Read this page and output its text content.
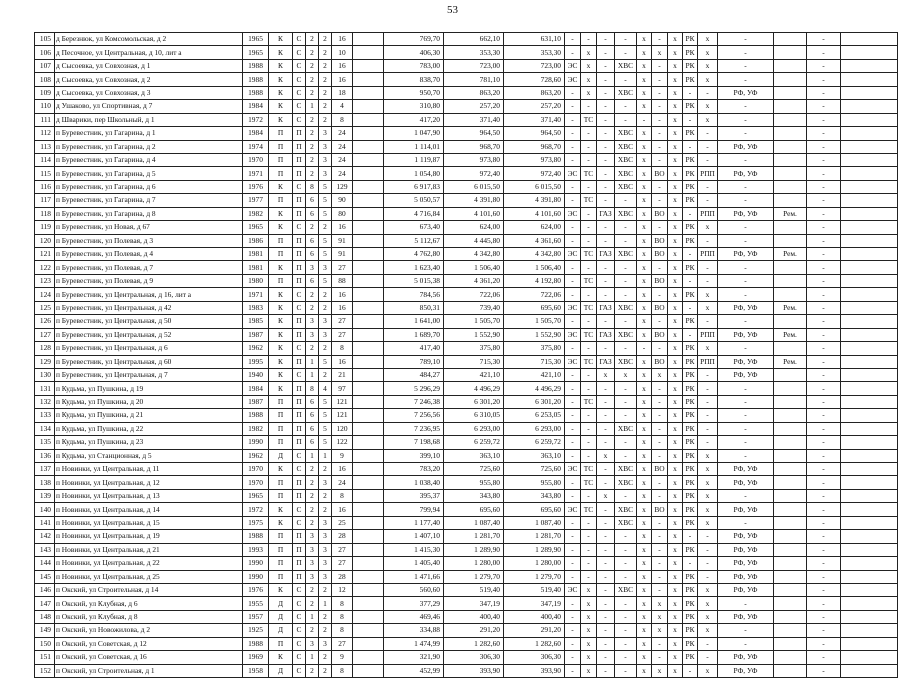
53
105	д Березнюк, ул Комсомольская, д 2	1965	К	С	2	2	16		769,70	662,10	631,10	-	-	-	-	х	-	х	РК	х	-		-	
106	д Песочное, ул Центральная, д 10, лит а	1965	К	С	2	2	10		406,30	353,30	353,30	-	х	-	-	х	х	х	РК	х	-		-	
107	д Сысоевка, ул Совхозная, д 1	1988	К	С	2	2	16		783,00	723,00	723,00	ЭС	х	-	ХВС	х	-	х	РК	х	-		-	
108	д Сысоевка, ул Совхозная, д 2	1988	К	С	2	2	16		838,70	781,10	728,60	ЭС	х	-	-	х	-	х	РК	х	-		-	
109	д Сысоевка, ул Совхозная, д 3	1988	К	С	2	2	18		950,70	863,20	863,20	-	х	-	ХВС	х	-	х	-	-	РФ, УФ		-	
110	д Ушаково, ул Спортивная, д 7	1984	К	С	1	2	4		310,80	257,20	257,20	-	-	-	-	х	-	х	РК	х	-		-	
111	д Шварики, пер Школьный, д 1	1972	К	С	2	2	8		417,20	371,40	371,40	-	ТС	-	-	-	-	х	-	х	-		-	
112	п Буревестник, ул Гагарина, д 1	1984	П	П	2	3	24		1 047,90	964,50	964,50	-	-	-	ХВС	х	-	х	РК	-	-		-	
113	п Буревестник, ул Гагарина, д 2	1974	П	П	2	3	24		1 114,01	968,70	968,70	-	-	-	ХВС	х	-	х	-	-	РФ, УФ		-	
114	п Буревестник, ул Гагарина, д 4	1970	П	П	2	3	24		1 119,87	973,80	973,80	-	-	-	ХВС	х	-	х	РК	-	-		-	
115	п Буревестник, ул Гагарина, д 5	1971	П	П	2	3	24		1 054,80	972,40	972,40	ЭС	ТС	-	ХВС	х	ВО	х	РК	РПП	РФ, УФ		-	
116	п Буревестник, ул Гагарина, д 6	1976	К	С	8	5	129		6 917,83	6 015,50	6 015,50	-	-	-	ХВС	х	-	х	РК	-	-		-	
117	п Буревестник, ул Гагарина, д 7	1977	П	П	6	5	90		5 050,57	4 391,80	4 391,80	-	ТС	-	-	х	-	х	РК	-	-		-	
118	п Буревестник, ул Гагарина, д 8	1982	К	П	6	5	80		4 716,84	4 101,60	4 101,60	ЭС	-	ГАЗ	ХВС	х	ВО	х	-	РПП	РФ, УФ	Рем.	-	
119	п Буревестник, ул Новая, д 67	1965	К	С	2	2	16		673,40	624,00	624,00	-	-	-	-	х	-	х	РК	х	-		-	
120	п Буревестник, ул Полевая, д 3	1986	П	П	6	5	91		5 112,67	4 445,80	4 361,60	-	-	-	-	х	ВО	х	РК	-	-		-	
121	п Буревестник, ул Полевая, д 4	1981	П	П	6	5	91		4 762,80	4 342,80	4 342,80	ЭС	ТС	ГАЗ	ХВС	х	ВО	х	-	РПП	РФ, УФ	Рем.	-	
122	п Буревестник, ул Полевая, д 7	1981	К	П	3	3	27		1 623,40	1 506,40	1 506,40	-	-	-	-	х	-	х	РК	-	-		-	
123	п Буревестник, ул Полевая, д 9	1980	П	П	6	5	88		5 015,38	4 361,20	4 192,80	-	ТС	-	-	х	ВО	х	-	-	-		-	
124	п Буревестник, ул Центральная, д 16, лит а	1971	К	С	2	2	16		784,56	722,06	722,06	-	-	-	-	х	-	х	РК	х	-		-	
125	п Буревестник, ул Центральная, д 42	1983	К	С	2	2	16		850,31	739,40	695,60	ЭС	ТС	ГАЗ	ХВС	х	ВО	х	-	х	РФ, УФ	Рем.	-	
126	п Буревестник, ул Центральная, д 50	1985	К	П	3	3	27		1 641,00	1 505,70	1 505,70	-	-	-	-	х	-	х	РК	-	-		-	
127	п Буревестник, ул Центральная, д 52	1987	К	П	3	3	27		1 689,70	1 552,90	1 552,90	ЭС	ТС	ГАЗ	ХВС	х	ВО	х	-	РПП	РФ, УФ	Рем.	-	
128	п Буревестник, ул Центральная, д 6	1962	К	С	2	2	8		417,40	375,80	375,80	-	-	-	-	-	-	х	РК	х	-		-	
129	п Буревестник, ул Центральная, д 60	1995	К	П	1	5	16		789,10	715,30	715,30	ЭС	ТС	ГАЗ	ХВС	х	ВО	х	РК	РПП	РФ, УФ	Рем.	-	
130	п Буревестник, ул Центральная, д 7	1940	К	С	1	2	21		484,27	421,10	421,10	-	-	х	х	х	х	х	РК	-	РФ, УФ		-	
131	п Кудьма, ул Пушкина, д 19	1984	К	П	8	4	97		5 296,29	4 496,29	4 496,29	-	-	-	-	х	-	х	РК	-	-		-	
132	п Кудьма, ул Пушкина, д 20	1987	П	П	6	5	121		7 246,38	6 301,20	6 301,20	-	ТС	-	-	х	-	х	РК	-	-		-	
133	п Кудьма, ул Пушкина, д 21	1988	П	П	6	5	121		7 256,56	6 310,05	6 253,05	-	-	-	-	х	-	х	РК	-	-		-	
134	п Кудьма, ул Пушкина, д 22	1982	П	П	6	5	120		7 236,95	6 293,00	6 293,00	-	-	-	ХВС	х	-	х	РК	-	-		-	
135	п Кудьма, ул Пушкина, д 23	1990	П	П	6	5	122		7 198,68	6 259,72	6 259,72	-	-	-	-	х	-	х	РК	-	-		-	
136	п Кудьма, ул Станционная, д 5	1962	Д	С	1	1	9		399,10	363,10	363,10	-	-	х	-	х	-	х	РК	х	-		-	
137	п Новинки, ул Центральная, д 11	1970	К	С	2	2	16		783,20	725,60	725,60	ЭС	ТС	-	ХВС	х	ВО	х	РК	х	РФ, УФ		-	
138	п Новинки, ул Центральная, д 12	1970	П	П	2	3	24		1 038,40	955,80	955,80	-	ТС	-	ХВС	х	-	х	РК	х	РФ, УФ		-	
139	п Новинки, ул Центральная, д 13	1965	П	П	2	2	8		395,37	343,80	343,80	-	-	х	-	х	-	х	РК	х	-		-	
140	п Новинки, ул Центральная, д 14	1972	К	С	2	2	16		799,94	695,60	695,60	ЭС	ТС	-	ХВС	х	ВО	х	РК	х	РФ, УФ		-	
141	п Новинки, ул Центральная, д 15	1975	К	С	2	3	25		1 177,40	1 087,40	1 087,40	-	-	-	ХВС	х	-	х	РК	х	-		-	
142	п Новинки, ул Центральная, д 19	1988	П	П	3	3	28		1 407,10	1 281,70	1 281,70	-	-	-	-	х	-	х	-	-	РФ, УФ		-	
143	п Новинки, ул Центральная, д 21	1993	П	П	3	3	27		1 415,30	1 289,90	1 289,90	-	-	-	-	х	-	х	РК	-	РФ, УФ		-	
144	п Новинки, ул Центральная, д 22	1990	П	П	3	3	27		1 405,40	1 280,00	1 280,00	-	-	-	-	х	-	х	-	-	РФ, УФ		-	
145	п Новинки, ул Центральная, д 25	1990	П	П	3	3	28		1 471,66	1 279,70	1 279,70	-	-	-	-	х	-	х	РК	-	РФ, УФ		-	
146	п Окский, ул Строительная, д 14	1976	К	С	2	2	12		560,60	519,40	519,40	ЭС	х	-	ХВС	х	-	х	РК	х	РФ, УФ		-	
147	п Окский, ул Клубная, д 6	1955	Д	С	2	1	8		377,29	347,19	347,19	-	х	-	-	х	х	х	РК	х	-		-	
148	п Окский, ул Клубная, д 8	1957	Д	С	1	2	8		469,46	400,40	400,40	-	х	-	-	х	х	х	РК	х	РФ, УФ		-	
149	п Окский, ул Новожилова, д 2	1925	Д	С	2	2	8		334,88	291,20	291,20	-	х	-	-	х	х	х	РК	х	-		-	
150	п Окский, ул Советская, д 12	1988	П	С	3	3	27		1 474,99	1 282,60	1 282,60	-	х	-	-	х	-	х	РК	-	-		-	
151	п Окский, ул Советская, д 16	1969	К	С	1	2	9		321,90	306,30	306,30	-	х	-	-	х	-	х	РК	-	РФ, УФ		-	
152	п Окский, ул Строительная, д 1	1958	Д	С	2	2	8		452,99	393,90	393,90	-	х	-	-	х	х	х	-	х	РФ, УФ		-	
